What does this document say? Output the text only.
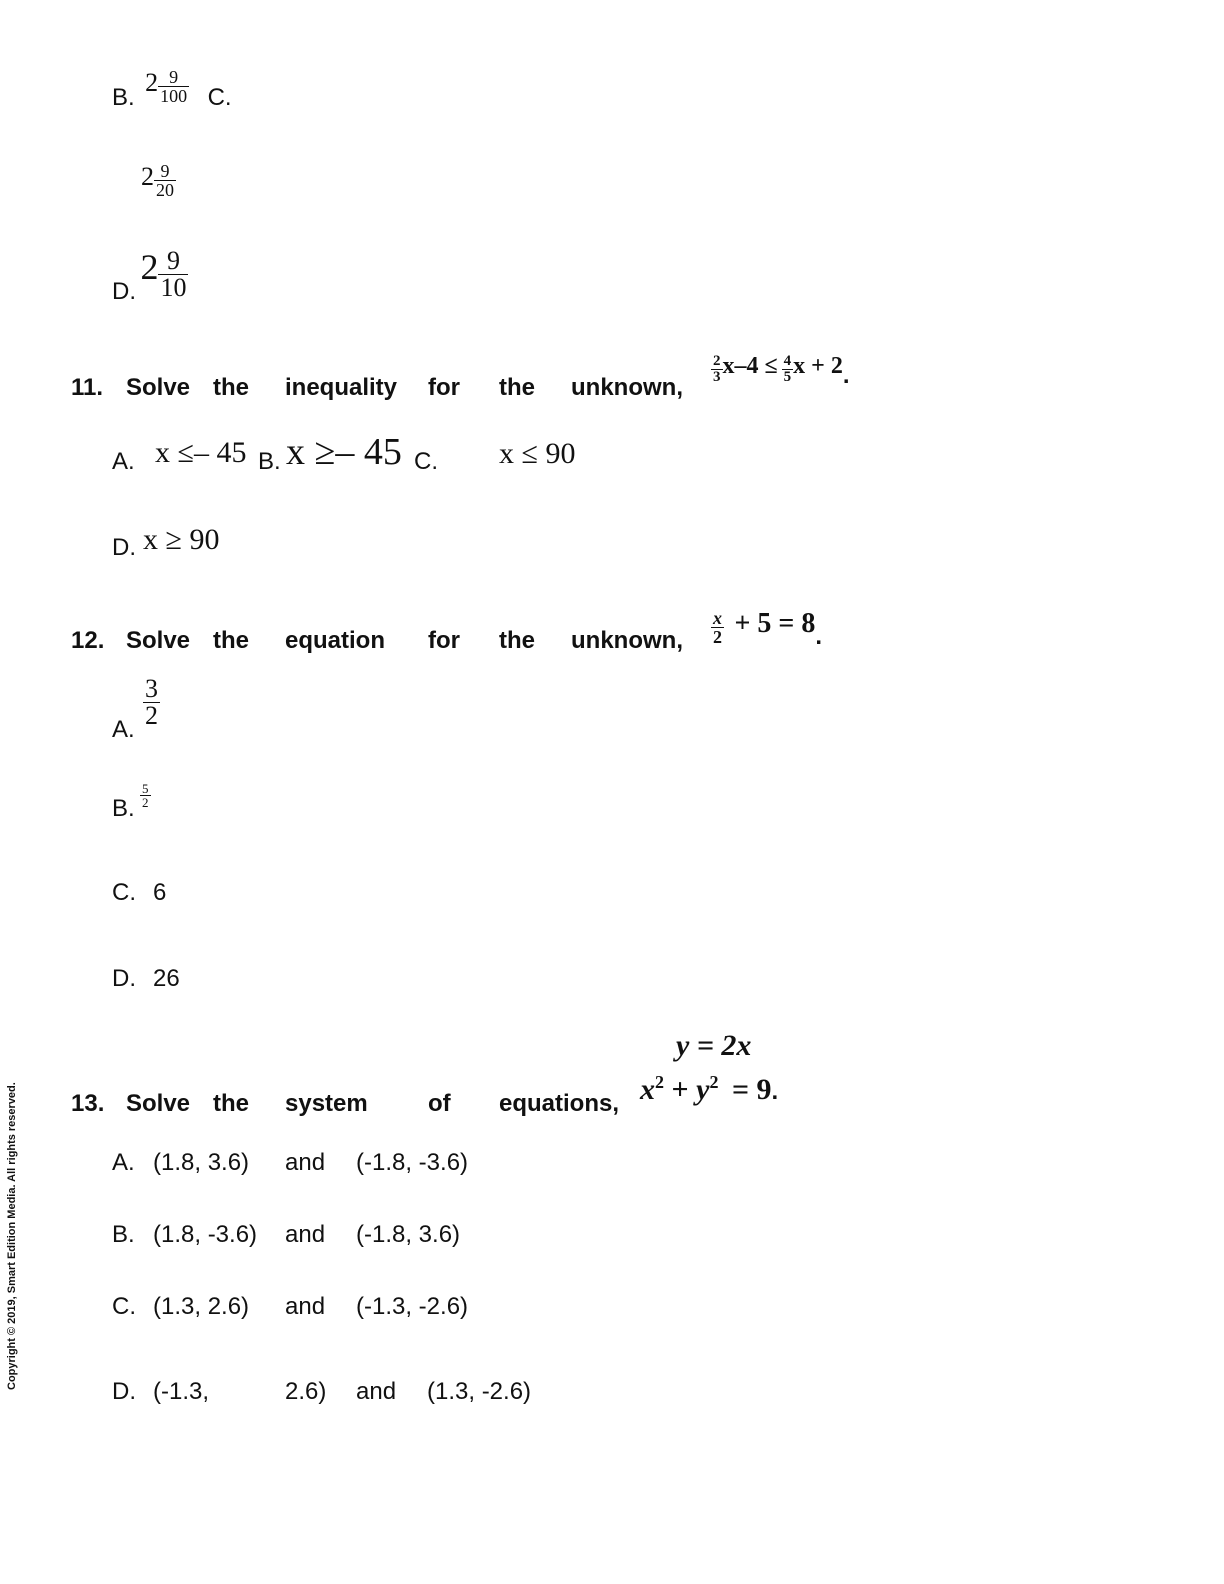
B. $2 \frac{9}{100} C$.
$2 \frac{9}{20}$
D. $2 \frac{9}{10}$
11. Solve the inequality for the unknown,
$\frac{2}{3} x-4 \le \frac{4}{5}$ x + 2.
A. x ≤– 45 B. x ≥– 45 C. x ≤ 90
D. x ≥ 90
12. Solve the equation for the unknown, $\frac{x}{2} + 5 = 8$.
A.
$\frac{3}{2}$
B. $\frac{5}{2}$
C. 6
D. 26
13. Solve the system	of equations,
y = 2x
$x^2 + y^2 = 9$.
A. (1.8, 3.6) and (-1.8, -3.6)
B. (1.8, -3.6) and (-1.8, 3.6)
C. (1.3, 2.6) and (-1.3, -2.6)
D. (-1.3,	2.6) and (1.3, -2.6)
Copyright © 2019, Smart Edition Media. All rights reserved.
